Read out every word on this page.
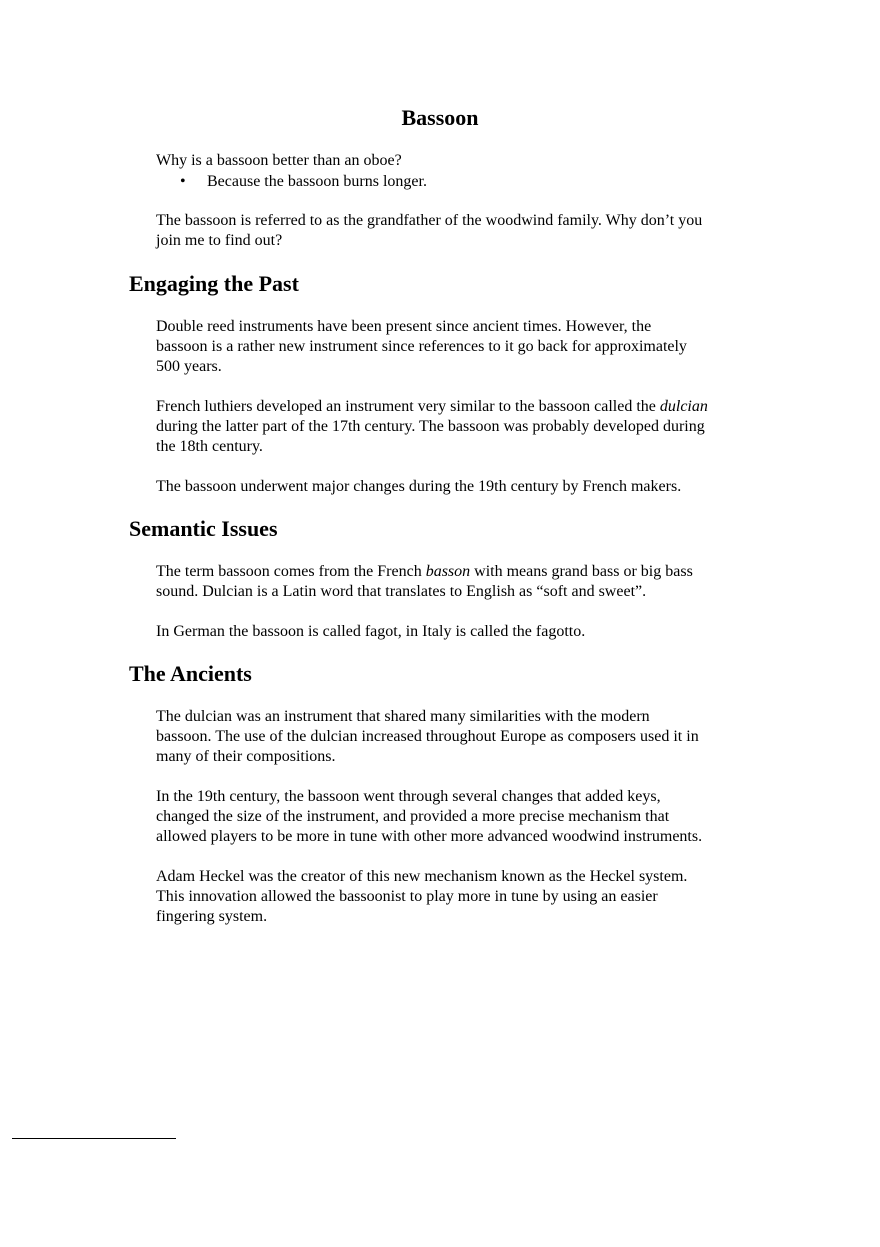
Bassoon
Why is a bassoon better than an oboe?
• Because the bassoon burns longer.
The bassoon is referred to as the grandfather of the woodwind family. Why don’t you
join me to find out?
Engaging the Past
Double reed instruments have been present since ancient times. However, the
bassoon is a rather new instrument since references to it go back for approximately
500 years.
French luthiers developed an instrument very similar to the bassoon called the dulcian
during the latter part of the 17th century. The bassoon was probably developed during
the 18th century.
The bassoon underwent major changes during the 19th century by French makers.
Semantic Issues
The term bassoon comes from the French basson with means grand bass or big bass
sound. Dulcian is a Latin word that translates to English as “soft and sweet”.
In German the bassoon is called fagot, in Italy is called the fagotto.
The Ancients
The dulcian was an instrument that shared many similarities with the modern
bassoon. The use of the dulcian increased throughout Europe as composers used it in
many of their compositions.
In the 19th century, the bassoon went through several changes that added keys,
changed the size of the instrument, and provided a more precise mechanism that
allowed players to be more in tune with other more advanced woodwind instruments.
Adam Heckel was the creator of this new mechanism known as the Heckel system.
This innovation allowed the bassoonist to play more in tune by using an easier
fingering system.
